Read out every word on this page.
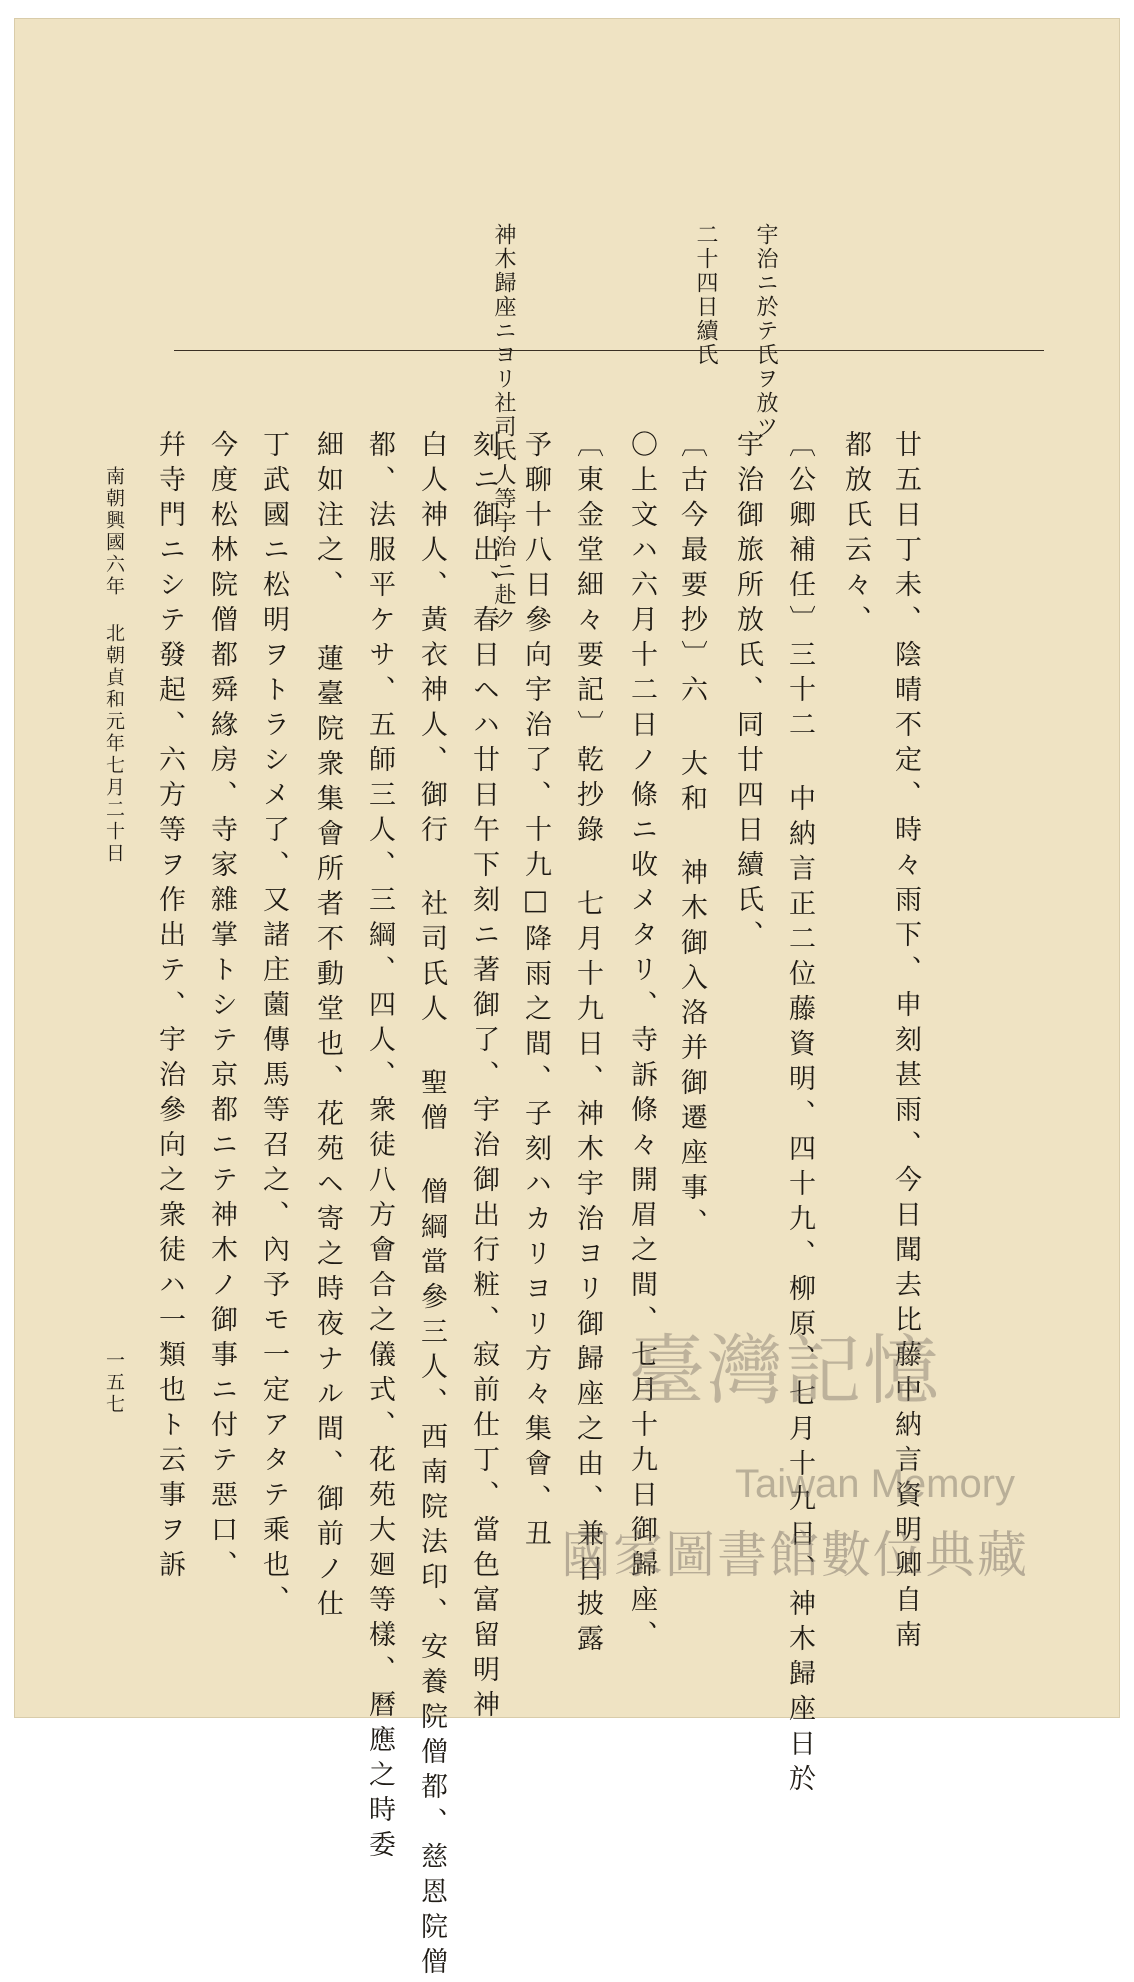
宇治ニ於テ氏ヲ放ツ
二十四日續氏
神木歸座ニヨリ社司氏人等宇治ニ赴ク
廿五日丁未、陰晴不定、時々雨下、申刻甚雨、今日聞去比藤中納言資明卿自南
都放氏云々、
〔公卿補任〕三十二 中納言正二位藤資明、四十九、柳原、七月十九日、神木歸座日於
宇治御旅所放氏、同廿四日續氏、
〔古今最要抄〕六 大和 神木御入洛并御遷座事、
〇上文ハ六月十二日ノ條ニ收メタリ、寺訴條々開眉之間、七月十九日御歸座、
〔東金堂細々要記〕乾抄錄 七月十九日、神木宇治ヨリ御歸座之由、兼日披露
予聊十八日參向宇治了、十九□降雨之間、子刻ハカリヨリ方々集會、丑
刻ニ御出、春日ヘハ廿日午下刻ニ著御了、宇治御出行粧、寂前仕丁、當色富留明神
白人神人、黃衣神人、御行 社司氏人 聖僧 僧綱當參三人、西南院法印、安養院僧都、慈恩院僧
都、法服平ケサ、五師三人、三綱、四人、衆徒八方會合之儀式、花苑大廻等樣、曆應之時委
細如注之、 蓮臺院衆集會所者不動堂也、花苑ヘ寄之時夜ナル間、御前ノ仕
丁武國ニ松明ヲトラシメ了、又諸庄薗傳馬等召之、內予モ一定アタテ乘也、
今度松林院僧都舜緣房、寺家雜掌トシテ京都ニテ神木ノ御事ニ付テ惡口、
幷寺門ニシテ發起、六方等ヲ作出テ、宇治參向之衆徒ハ一類也ト云事ヲ訴
南朝興國六年 北朝貞和元年七月二十日
一五七	臺灣記憶
Taiwan Memory
國家圖書館數位典藏
